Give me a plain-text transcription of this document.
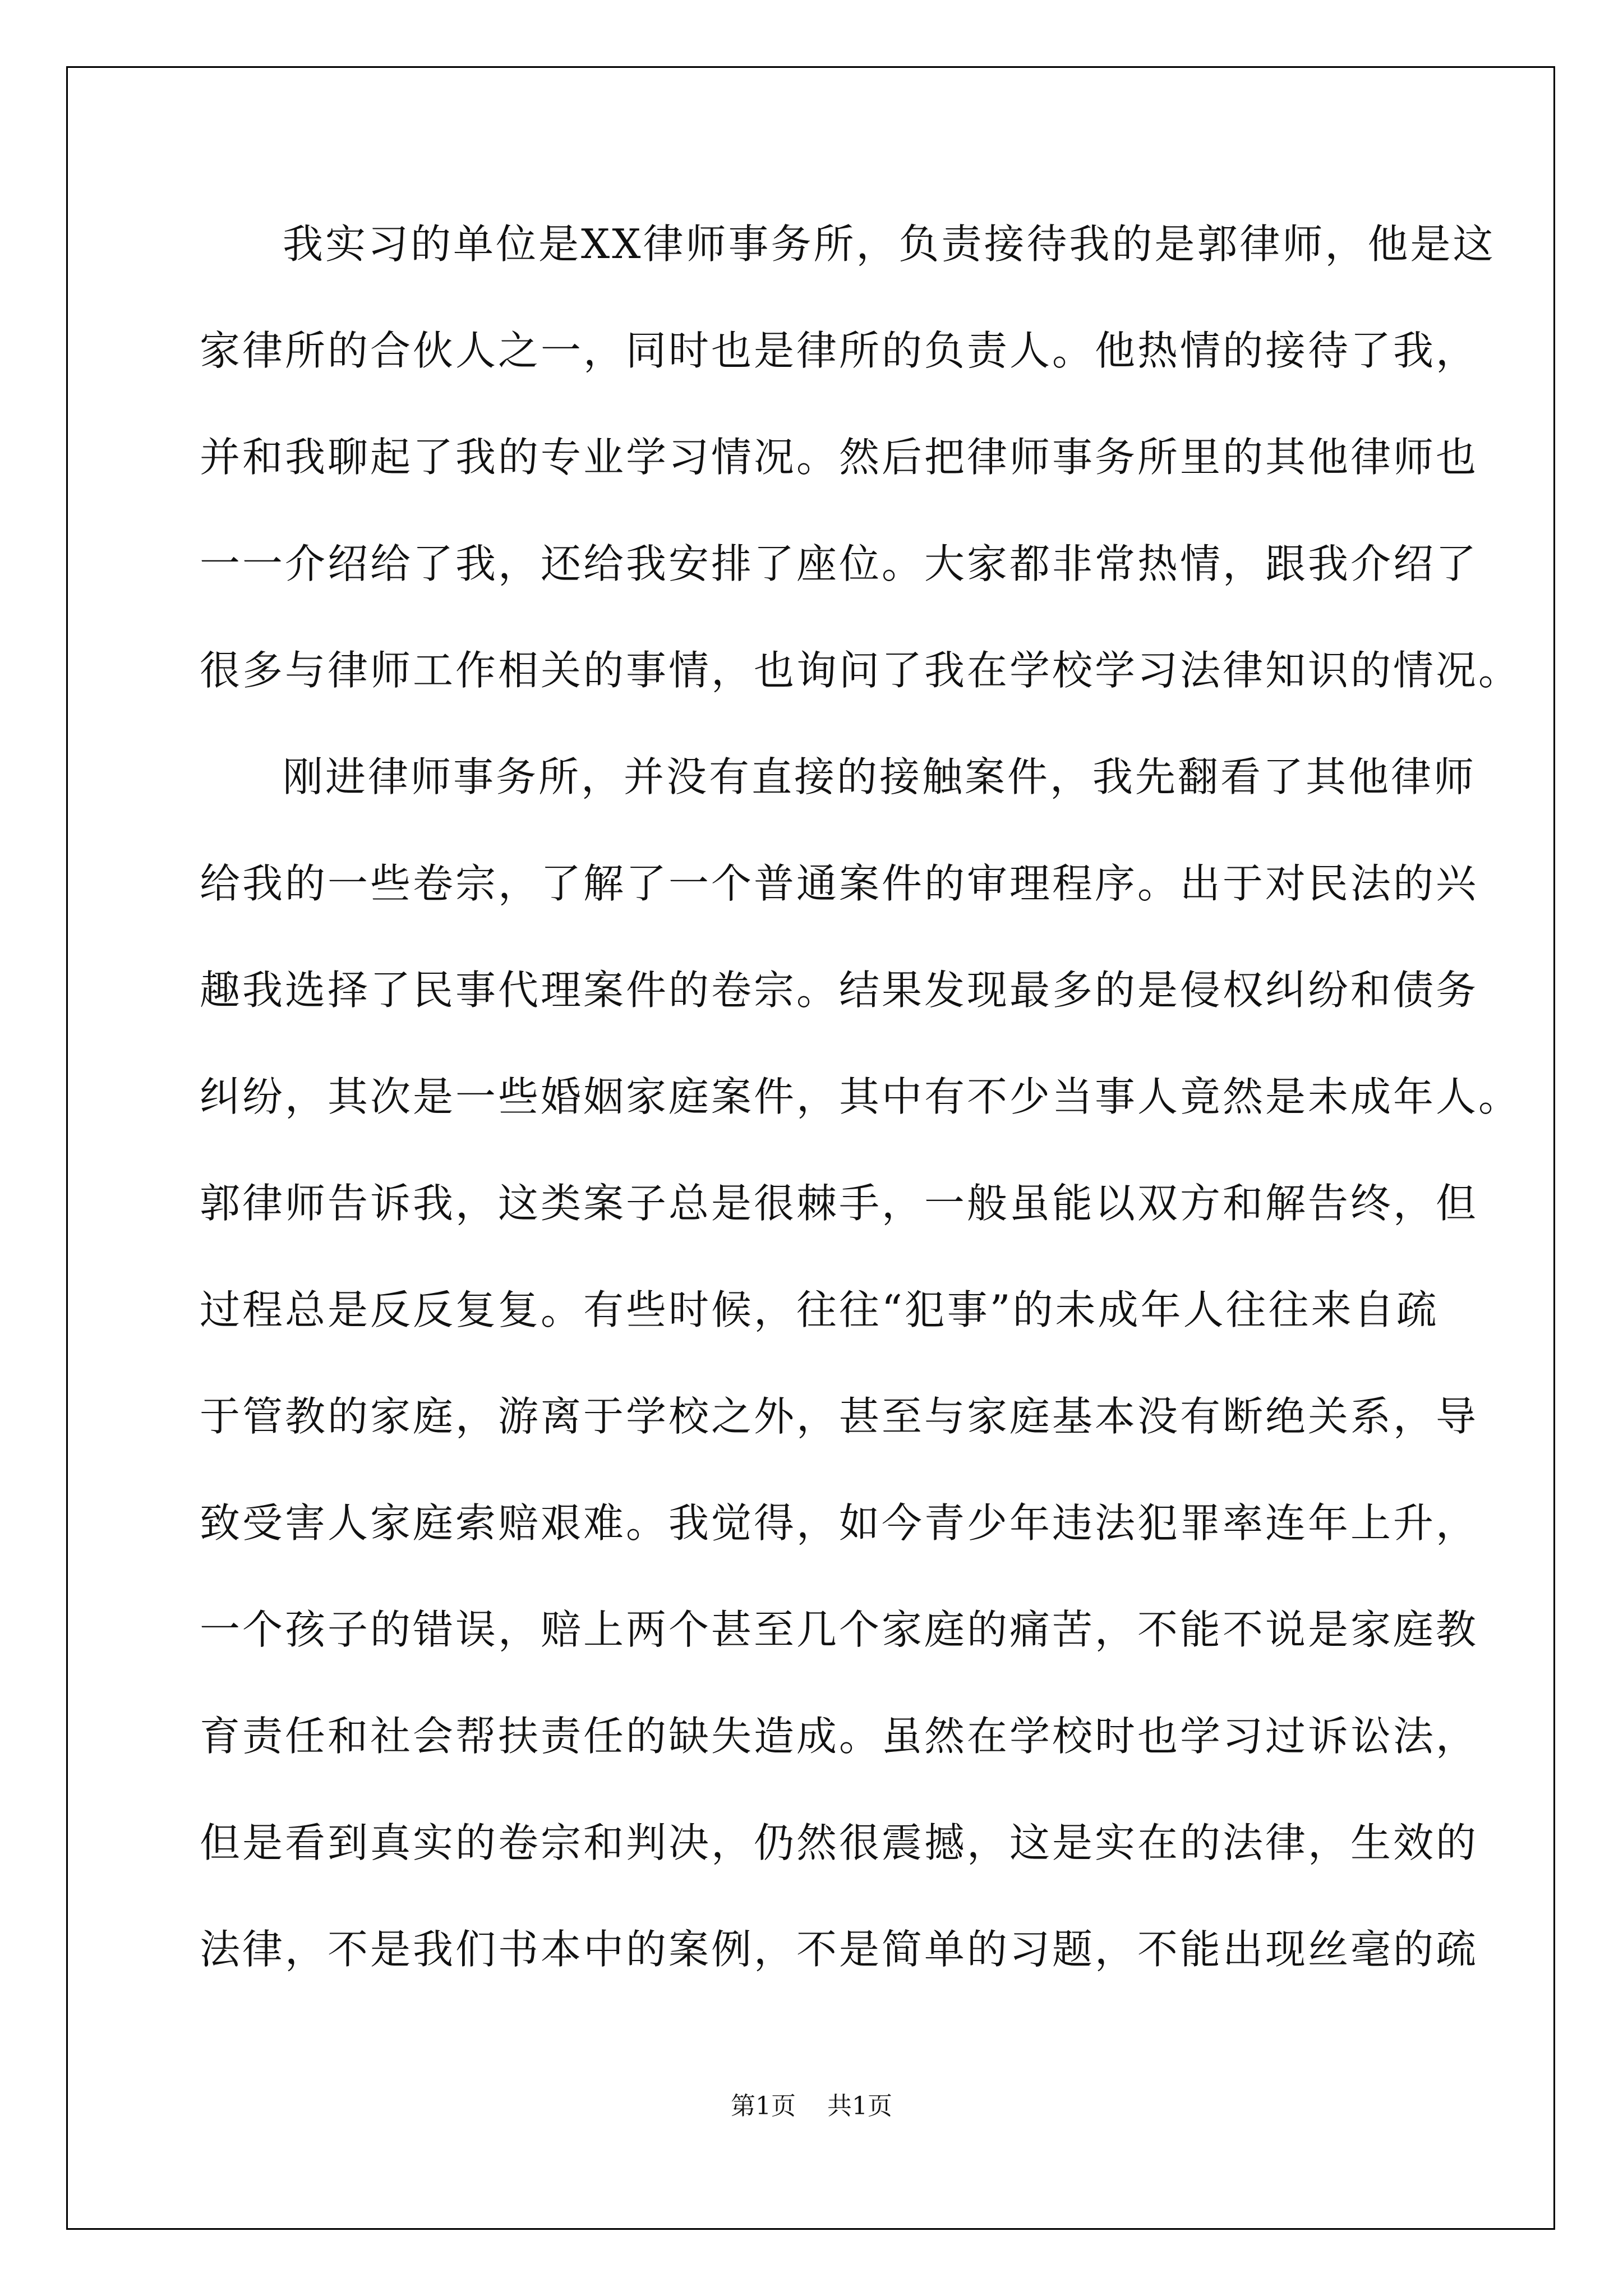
我实习的单位是XX律师事务所，负责接待我的是郭律师，他是这
家律所的合伙人之一，同时也是律所的负责人。他热情的接待了我，
并和我聊起了我的专业学习情况。然后把律师事务所里的其他律师也
一一介绍给了我，还给我安排了座位。大家都非常热情，跟我介绍了
很多与律师工作相关的事情，也询问了我在学校学习法律知识的情况。
刚进律师事务所，并没有直接的接触案件，我先翻看了其他律师
给我的一些卷宗，了解了一个普通案件的审理程序。出于对民法的兴
趣我选择了民事代理案件的卷宗。结果发现最多的是侵权纠纷和债务
纠纷，其次是一些婚姻家庭案件，其中有不少当事人竟然是未成年人。
郭律师告诉我，这类案子总是很棘手，一般虽能以双方和解告终，但
过程总是反反复复。有些时候，往往“犯事”的未成年人往往来自疏
于管教的家庭，游离于学校之外，甚至与家庭基本没有断绝关系，导
致受害人家庭索赔艰难。我觉得，如今青少年违法犯罪率连年上升，
一个孩子的错误，赔上两个甚至几个家庭的痛苦，不能不说是家庭教
育责任和社会帮扶责任的缺失造成。虽然在学校时也学习过诉讼法，
但是看到真实的卷宗和判决，仍然很震撼，这是实在的法律，生效的
法律，不是我们书本中的案例，不是简单的习题，不能出现丝毫的疏
第1页 共1页
